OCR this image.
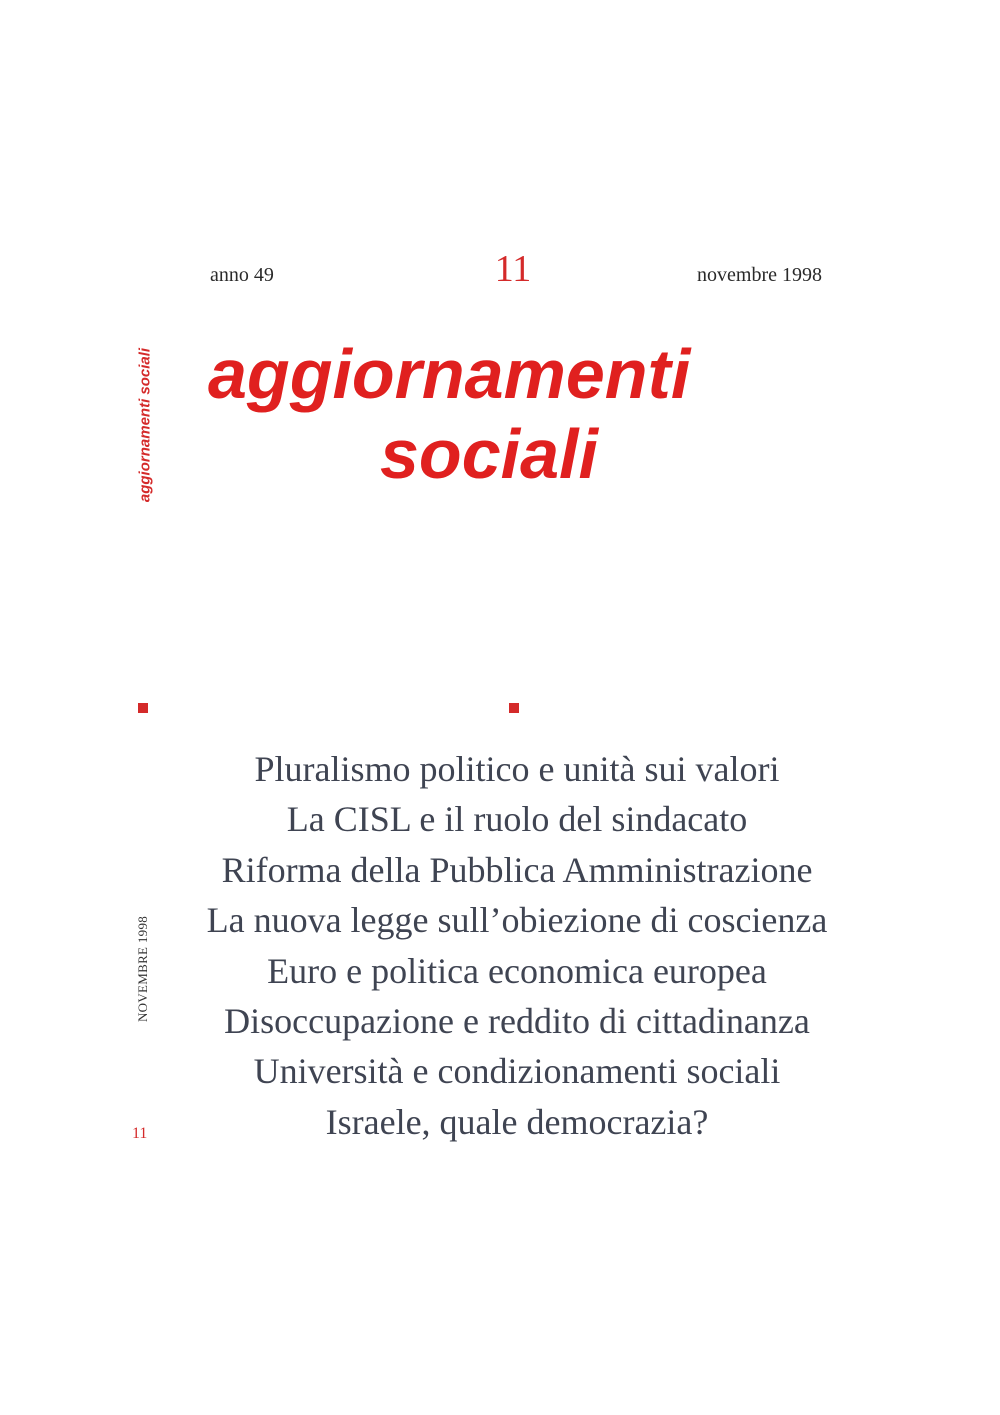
aggiornamenti sociali
NOVEMBRE 1998
11
anno 49	11	novembre 1998
aggiornamenti
sociali
Pluralismo politico e unità sui valori
La CISL e il ruolo del sindacato
Riforma della Pubblica Amministrazione
La nuova legge sull’obiezione di coscienza
Euro e politica economica europea
Disoccupazione e reddito di cittadinanza
Università e condizionamenti sociali
Israele, quale democrazia?
